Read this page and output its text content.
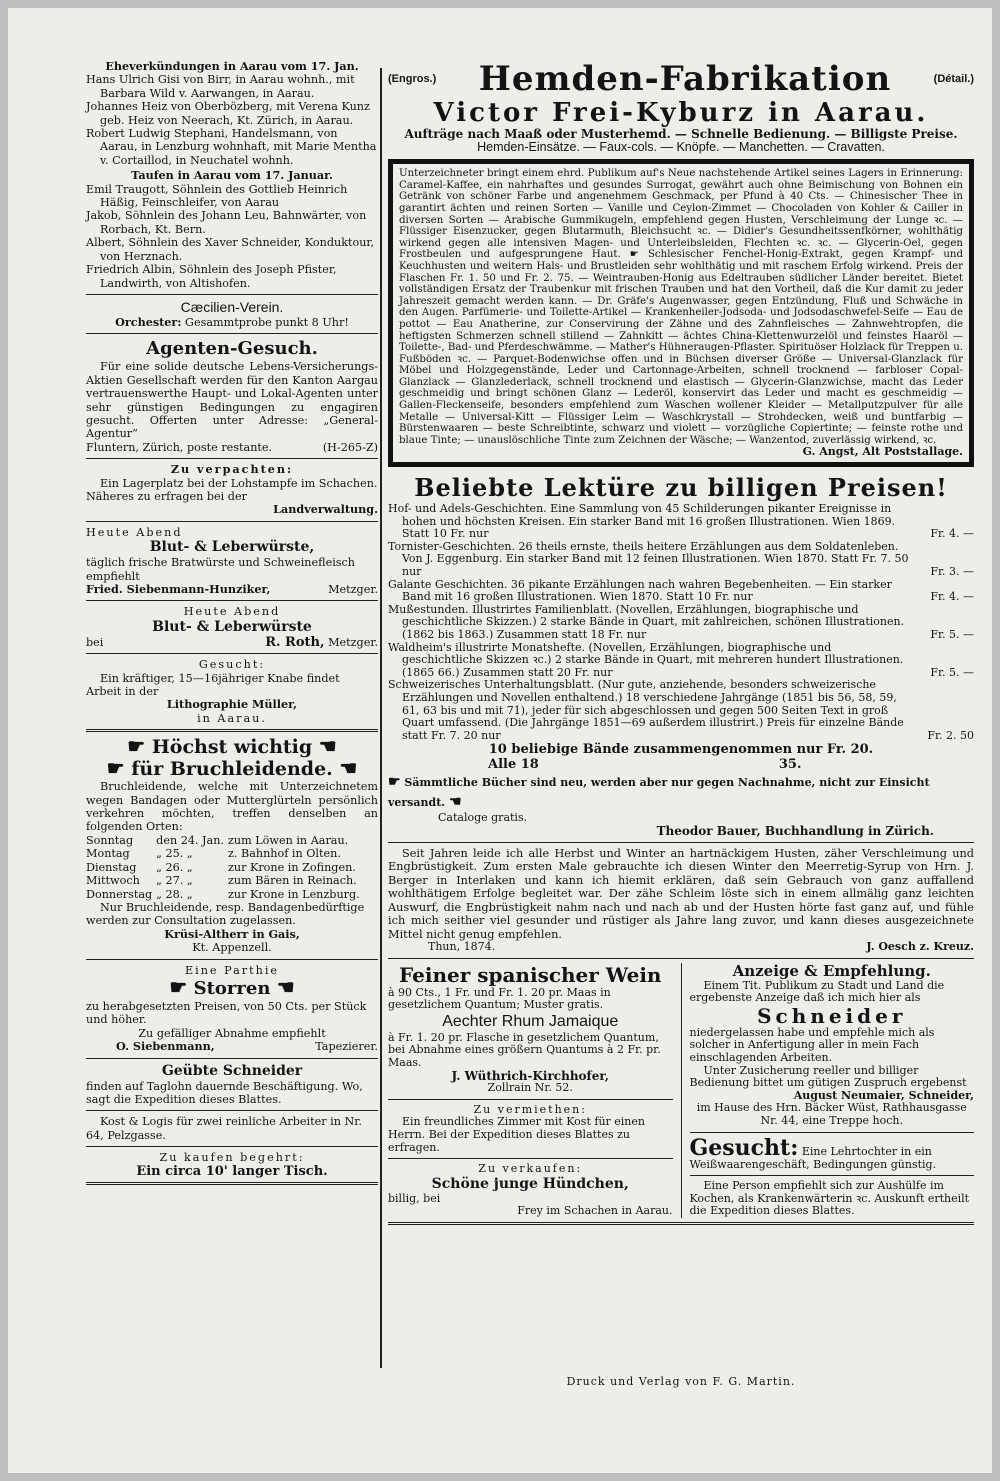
Eheverkündungen in Aarau vom 17. Jan.

Hans Ulrich Gisi von Birr, in Aarau wohnh., mit Barbara Wild v. Aarwangen, in Aarau.

Johannes Heiz von Oberbözberg, mit Verena Kunz geb. Heiz von Neerach, Kt. Zürich, in Aarau.

Robert Ludwig Stephani, Handelsmann, von Aarau, in Lenzburg wohnhaft, mit Marie Mentha v. Cortaillod, in Neuchatel wohnh.

Taufen in Aarau vom 17. Januar.

Emil Traugott, Söhnlein des Gottlieb Heinrich Häßig, Feinschleifer, von Aarau

Jakob, Söhnlein des Johann Leu, Bahnwärter, von Rorbach, Kt. Bern.

Albert, Söhnlein des Xaver Schneider, Konduktour, von Herznach.

Friedrich Albin, Söhnlein des Joseph Pfister, Landwirth, von Altishofen.

Cæcilien-Verein.

Orchester: Gesammtprobe punkt 8 Uhr!

Agenten-Gesuch.

Für eine solide deutsche Lebens-Versicherungs-Aktien Gesellschaft werden für den Kanton Aargau vertrauenswerthe Haupt- und Lokal-Agenten unter sehr günstigen Bedingungen zu engagiren gesucht. Offerten unter Adresse: „General-Agentur“

Fluntern, Zürich, poste restante.	(H-265-Z)

Zu verpachten:

Ein Lagerplatz bei der Lohstampfe im Schachen. Näheres zu erfragen bei der

Landverwaltung.

Heute Abend

Blut- & Leberwürste,

täglich frische Bratwürste und Schweinefleisch empfiehlt

Fried. Siebenmann-Hunziker,	Metzger.

Heute Abend

Blut- & Leberwürste

bei	R. Roth, Metzger.

Gesucht:

Ein kräftiger, 15—16jähriger Knabe findet Arbeit in der

Lithographie Müller,

in Aarau.

☛ Höchst wichtig ☚

☛ für Bruchleidende. ☚

Bruchleidende, welche mit Unterzeichnetem wegen Bandagen oder Mutterglürteln persönlich verkehren möchten, treffen denselben an folgenden Orten:

Sonntag	den 24. Jan.	zum Löwen in Aarau.
Montag	„ 25. „	z. Bahnhof in Olten.
Dienstag	„ 26. „	zur Krone in Zofingen.
Mittwoch	„ 27. „	zum Bären in Reinach.
Donnerstag	„ 28. „	zur Krone in Lenzburg.

Nur Bruchleidende, resp. Bandagenbedürftige werden zur Consultation zugelassen.

Krüsi-Altherr in Gais,

Kt. Appenzell.

Eine Parthie

☛ Storren ☚

zu herabgesetzten Preisen, von 50 Cts. per Stück und höher.

Zu gefälliger Abnahme empfiehlt

O. Siebenmann,	Tapezierer.

Geübte Schneider

finden auf Taglohn dauernde Beschäftigung. Wo, sagt die Expedition dieses Blattes.

Kost & Logis für zwei reinliche Arbeiter in Nr. 64, Pelzgasse.

Zu kaufen begehrt:

Ein circa 10' langer Tisch.

(Engros.) Hemden-Fabrikation	(Détail.)

Victor Frei-Kyburz in Aarau.

Aufträge nach Maaß oder Musterhemd. — Schnelle Bedienung. — Billigste Preise.

Hemden-Einsätze. — Faux-cols. — Knöpfe. — Manchetten. — Cravatten.

Unterzeichneter bringt einem ehrd. Publikum auf's Neue nachstehende Artikel seines Lagers in Erinnerung: Caramel-Kaffee, ein nahrhaftes und gesundes Surrogat, gewährt auch ohne Beimischung von Bohnen ein Getränk von schöner Farbe und angenehmem Geschmack, per Pfund à 40 Cts. — Chinesischer Thee in garantirt ächten und reinen Sorten — Vanille und Ceylon-Zimmet — Chocoladen von Kohler & Cailler in diversen Sorten — Arabische Gummikugeln, empfehlend gegen Husten, Verschleimung der Lunge ꝛc. — Flüssiger Eisenzucker, gegen Blutarmuth, Bleichsucht ꝛc. — Didier's Gesundheitssenfkörner, wohlthätig wirkend gegen alle intensiven Magen- und Unterleibsleiden, Flechten ꝛc. ꝛc. — Glycerin-Oel, gegen Frostbeulen und aufgesprungene Haut. ☛ Schlesischer Fenchel-Honig-Extrakt, gegen Krampf- und Keuchhusten und weitern Hals- und Brustleiden sehr wohlthätig und mit raschem Erfolg wirkend. Preis der Flaschen Fr. 1. 50 und Fr. 2. 75. — Weintrauben-Honig aus Edeltrauben südlicher Länder bereitet. Bietet vollständigen Ersatz der Traubenkur mit frischen Trauben und hat den Vortheil, daß die Kur damit zu jeder Jahreszeit gemacht werden kann. — Dr. Gräfe's Augenwasser, gegen Entzündung, Fluß und Schwäche in den Augen. Parfümerie- und Toilette-Artikel — Krankenheiler-Jodsoda- und Jodsodaschwefel-Seife — Eau de pottot — Eau Anatherine, zur Conservirung der Zähne und des Zahnfleisches — Zahnwehtropfen, die heftigsten Schmerzen schnell stillend — Zahnkitt — ächtes China-Klettenwurzelöl und feinstes Haaröl — Toilette-, Bad- und Pferdeschwämme. — Mather's Hühneraugen-Pflaster. Spirituöser Holzlack für Treppen u. Fußböden ꝛc. — Parquet-Bodenwichse offen und in Büchsen diverser Größe — Universal-Glanzlack für Möbel und Holzgegenstände, Leder und Cartonnage-Arbeiten, schnell trocknend — farbloser Copal-Glanzlack — Glanzlederlack, schnell trocknend und elastisch — Glycerin-Glanzwichse, macht das Leder geschmeidig und bringt schönen Glanz — Lederöl, konservirt das Leder und macht es geschmeidig — Gallen-Fleckenseife, besonders empfehlend zum Waschen wollener Kleider — Metallputzpulver für alle Metalle — Universal-Kitt — Flüssiger Leim — Waschkrystall — Strohdecken, weiß und buntfarbig — Bürstenwaaren — beste Schreibtinte, schwarz und violett — vorzügliche Copiertinte; — feinste rothe und blaue Tinte; — unauslöschliche Tinte zum Zeichnen der Wäsche; — Wanzentod, zuverlässig wirkend, ꝛc.

G. Angst, Alt Poststallage.

Beliebte Lektüre zu billigen Preisen!

Hof- und Adels-Geschichten. Eine Sammlung von 45 Schilderungen pikanter Ereignisse in hohen und höchsten Kreisen. Ein starker Band mit 16 großen Illustrationen. Wien 1869. Statt 10 Fr. nur	Fr. 4. —

Tornister-Geschichten. 26 theils ernste, theils heitere Erzählungen aus dem Soldatenleben. Von J. Eggenburg. Ein starker Band mit 12 feinen Illustrationen. Wien 1870. Statt Fr. 7. 50 nur	Fr. 3. —

Galante Geschichten. 36 pikante Erzählungen nach wahren Begebenheiten. — Ein starker Band mit 16 großen Illustrationen. Wien 1870. Statt 10 Fr. nur	Fr. 4. —

Mußestunden. Illustrirtes Familienblatt. (Novellen, Erzählungen, biographische und geschichtliche Skizzen.) 2 starke Bände in Quart, mit zahlreichen, schönen Illustrationen. (1862 bis 1863.) Zusammen statt 18 Fr. nur	Fr. 5. —

Waldheim's illustrirte Monatshefte. (Novellen, Erzählungen, biographische und geschichtliche Skizzen ꝛc.) 2 starke Bände in Quart, mit mehreren hundert Illustrationen. (1865 66.) Zusammen statt 20 Fr. nur	Fr. 5. —

Schweizerisches Unterhaltungsblatt. (Nur gute, anziehende, besonders schweizerische Erzählungen und Novellen enthaltend.) 18 verschiedene Jahrgänge (1851 bis 56, 58, 59, 61, 63 bis und mit 71), jeder für sich abgeschlossen und gegen 500 Seiten Text in groß Quart umfassend. (Die Jahrgänge 1851—69 außerdem illustrirt.) Preis für einzelne Bände statt Fr. 7. 20 nur	Fr. 2. 50

10 beliebige Bände zusammengenommen nur Fr. 20.

Alle 18	35.

☛ Sämmtliche Bücher sind neu, werden aber nur gegen Nachnahme, nicht zur Einsicht versandt. ☚

Cataloge gratis.

Theodor Bauer, Buchhandlung in Zürich.

Seit Jahren leide ich alle Herbst und Winter an hartnäckigem Husten, zäher Verschleimung und Engbrüstigkeit. Zum ersten Male gebrauchte ich diesen Winter den Meerretig-Syrup von Hrn. J. Berger in Interlaken und kann ich hiemit erklären, daß sein Gebrauch von ganz auffallend wohlthätigem Erfolge begleitet war. Der zähe Schleim löste sich in einem allmälig ganz leichten Auswurf, die Engbrüstigkeit nahm nach und nach ab und der Husten hörte fast ganz auf, und fühle ich mich seither viel gesunder und rüstiger als Jahre lang zuvor, und kann dieses ausgezeichnete Mittel nicht genug empfehlen.

Thun, 1874.	J. Oesch z. Kreuz.

Feiner spanischer Wein

à 90 Cts., 1 Fr. und Fr. 1. 20 pr. Maas in gesetzlichem Quantum; Muster gratis.

Aechter Rhum Jamaique

à Fr. 1. 20 pr. Flasche in gesetzlichem Quantum, bei Abnahme eines größern Quantums à 2 Fr. pr. Maas.

J. Wüthrich-Kirchhofer,

Zollrain Nr. 52.

Zu vermiethen:

Ein freundliches Zimmer mit Kost für einen Herrn. Bei der Expedition dieses Blattes zu erfragen.

Zu verkaufen:

Schöne junge Hündchen,

billig, bei

Frey im Schachen in Aarau.

Anzeige & Empfehlung.

Einem Tit. Publikum zu Stadt und Land die ergebenste Anzeige daß ich mich hier als

Schneider

niedergelassen habe und empfehle mich als solcher in Anfertigung aller in mein Fach einschlagenden Arbeiten.

Unter Zusicherung reeller und billiger Bedienung bittet um gütigen Zuspruch ergebenst

August Neumaier, Schneider,

im Hause des Hrn. Bäcker Wüst, Rathhausgasse Nr. 44, eine Treppe hoch.

Gesucht: Eine Lehrtochter in ein Weißwaarengeschäft, Bedingungen günstig.

Eine Person empfiehlt sich zur Aushülfe im Kochen, als Krankenwärterin ꝛc. Auskunft ertheilt die Expedition dieses Blattes.

Druck und Verlag von F. G. Martin.
